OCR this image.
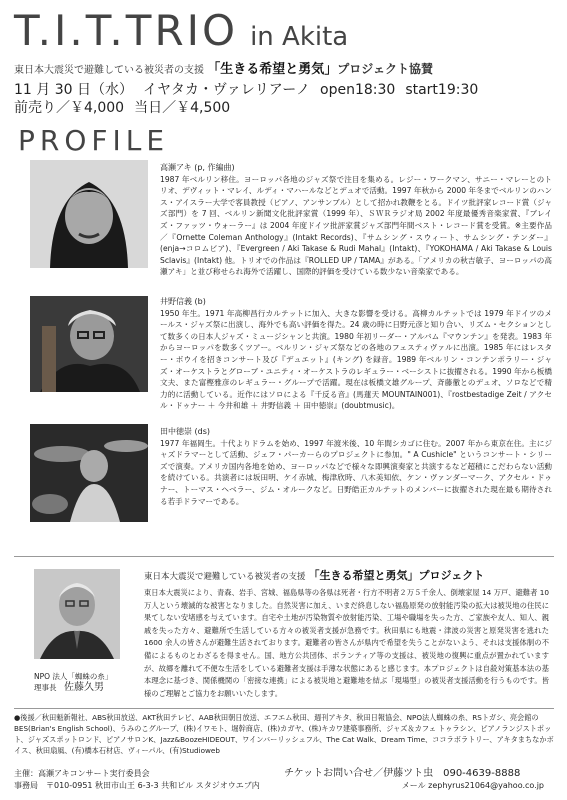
T.I.T.TRIO in Akita
東日本大震災で避難している被災者の支援 「生きる希望と勇気」プロジェクト協賛
11 月 30 日（水） イヤタカ・ヴァレリアーノ open18:30 start19:30
前売り／￥4,000 当日／￥4,500
PROFILE
高瀬アキ (p, 作編曲)

1987 年ベルリン移住。ヨーロッパ各地のジャズ祭で注目を集める。レジー・ワークマン、サニー・マレーとのトリオ、デヴィット・マレイ、ルディ・マハールなどとデュオで活動。1997 年秋から 2000 年冬までベルリンのハンス・アイスラー大学で客員教授（ピアノ、アンサンブル）として招かれ教鞭をとる。ドイツ批評家レコード賞（ジャズ部門）を 7 回、ベルリン新聞文化批評家賞（1999 年）、ＳＷＲラジオ局 2002 年度最優秀音楽家賞、『ブレイズ・ファッツ・ウォーラー』は 2004 年度ドイツ批評家賞ジャズ部門年間ベスト・レコード賞を受賞。※主要作品／『Ornette Coleman Anthology』(Intakt Records)、『サムシング・スウィート、サムシング・テンダー』(enja→コロムビア)、『Evergreen / Aki Takase & Rudi Mahal』(Intakt)、『YOKOHAMA / Aki Takase & Louis Sclavis』(Intakt) 他。トリオでの作品は『ROLLED UP / TAMA』がある。「アメリカの秋吉敏子、ヨーロッパの高瀬アキ」と並び称せられ海外で活躍し、国際的評価を受けている数少ない音楽家である。

井野信義 (b)

1950 年生。1971 年高柳昌行カルテットに加入、大きな影響を受ける。高柳カルテットでは 1979 年ドイツのメールス・ジャズ祭に出演し、海外でも高い評価を得た。24 歳の時に日野元彦と知り合い、リズム・セクションとして数多くの日本人ジャズ・ミュージシャンと共演。1980 年初リーダー・アルバム『マウンテン』を発表。1983 年からヨーロッパを数多くツアー。ベルリン・ジャズ祭などの各地のフェスティヴァルに出演。1985 年にはレスター・ボウイを招きコンサート及び『デュエット』(キング) を録音。1989 年ベルリン・コンテンポラリー・ジャズ・オーケストラとグローブ・ユニティ・オーケストラのレギュラー・ベーシストに抜擢される。1990 年から板橋文夫、また富樫雅彦のレギュラー・グループで活躍。現在は板橋文雄グループ、斉藤徹とのデュオ、ソロなどで精力的に活動している。近作にはソロによる『千反る音』(馬蓮天 MOUNTAIN001)、『rostbestadige Zeit / アクセル・ドゥナー ＋ 今井和雄 ＋ 井野信義 ＋ 田中徳崇』(doubtmusic)。

田中徳崇 (ds)

1977 年福岡生。十代よりドラムを始め、1997 年渡米後、10 年間シカゴに住む。2007 年から東京在住。主にジャズドラマーとして活動、ジェフ・パーカーらのプロジェクトに参加。" A Cushicle" というコンサート・シリーズで演奏。アメリカ国内各地を始め、ヨーロッパなどで様々な即興演奏家と共演するなど超積にこだわらない活動を続けている。共演者には坂田明、ケイ赤城、梅津欣時、八木美知依、ケン・ヴァンダーマーク、アクセル・ドゥナー、トーマス・ヘベラー、ジム・オルークなど。日野皓正カルテットのメンバーに抜擢された現在最も期待される若手ドラマーである。

NPO 法人「蜘蛛の糸」
理事長　 佐藤久男
東日本大震災で避難している被災者の支援　 「生きる希望と勇気」プロジェクト

東日本大震災により、青森、岩手、宮城、福島県等の各県は死者・行方不明者２万５千余人、倒壊家屋 14 万戸、避難者 10 万人という壊滅的な被害となりました。自然災害に加え、いまだ終息しない福島原発の放射能汚染の拡大は被災地の住民に果てしない安堵感を与えています。自宅や土地が汚染物質や放射能汚染、工場や職場を失った方、ご家族や友人、知人、親戚を失った方々、避難所で生活している方々の被災者支援が急務です。秋田県にも地震・津波の災害と原発災害を逃れた 1600 余人の皆さんが避難生活されております。避難者の皆さんが県内で希望を失うことがないよう、それは支援体制の不備によるものとわざるを得ません。国、地方公共団体、ボランティア等の支援は、被災地の復興に重点が置かれていますが、故郷を離れて不便な生活をしている避難者支援は手薄な状態にあると感じます。本プロジェクトは自殺対策基本法の基本理念に基づき、関係機関の「密接な連携」による被災地と避難地を結ぶ「現場型」の被災者支援活動を行うものです。皆様のご理解とご協力をお願いいたします。

●後援／秋田魁新報社、ABS秋田放送、AKT秋田テレビ、AAB秋田朝日放送、エフエム秋田、週刊アキタ、秋田日報協会、NPO法人蜘蛛の糸、RSトガシ、亮会館の BES(Brian's English School)、うみのこグループ、(株)イワモト、堀幹商店、(株)カガヤ、(株)キカワ建築事務所、ジャズ＆カフェ トゥラシン、ピアノランジストポット、ジャズスポットロンド、ピアノサロンK、Jazz&BoozeHIDEOUT、ワインバーリッシュフル、The Cat Walk、Dream Time、ココラボラトリー、アキタまちなかボイス、秋田扇風、(有)橋本石材店、ヴィーパル、(有)Studioweb

主催：高瀬アキコンサート実行委員会
事務局　〒010-0951 秋田市山王 6-3-3 共和ビル スタジオウエブ内
チケットお問い合せ／伊藤ツト虫　090-4639-8888
メール zephyrus21064@yahoo.co.jp
